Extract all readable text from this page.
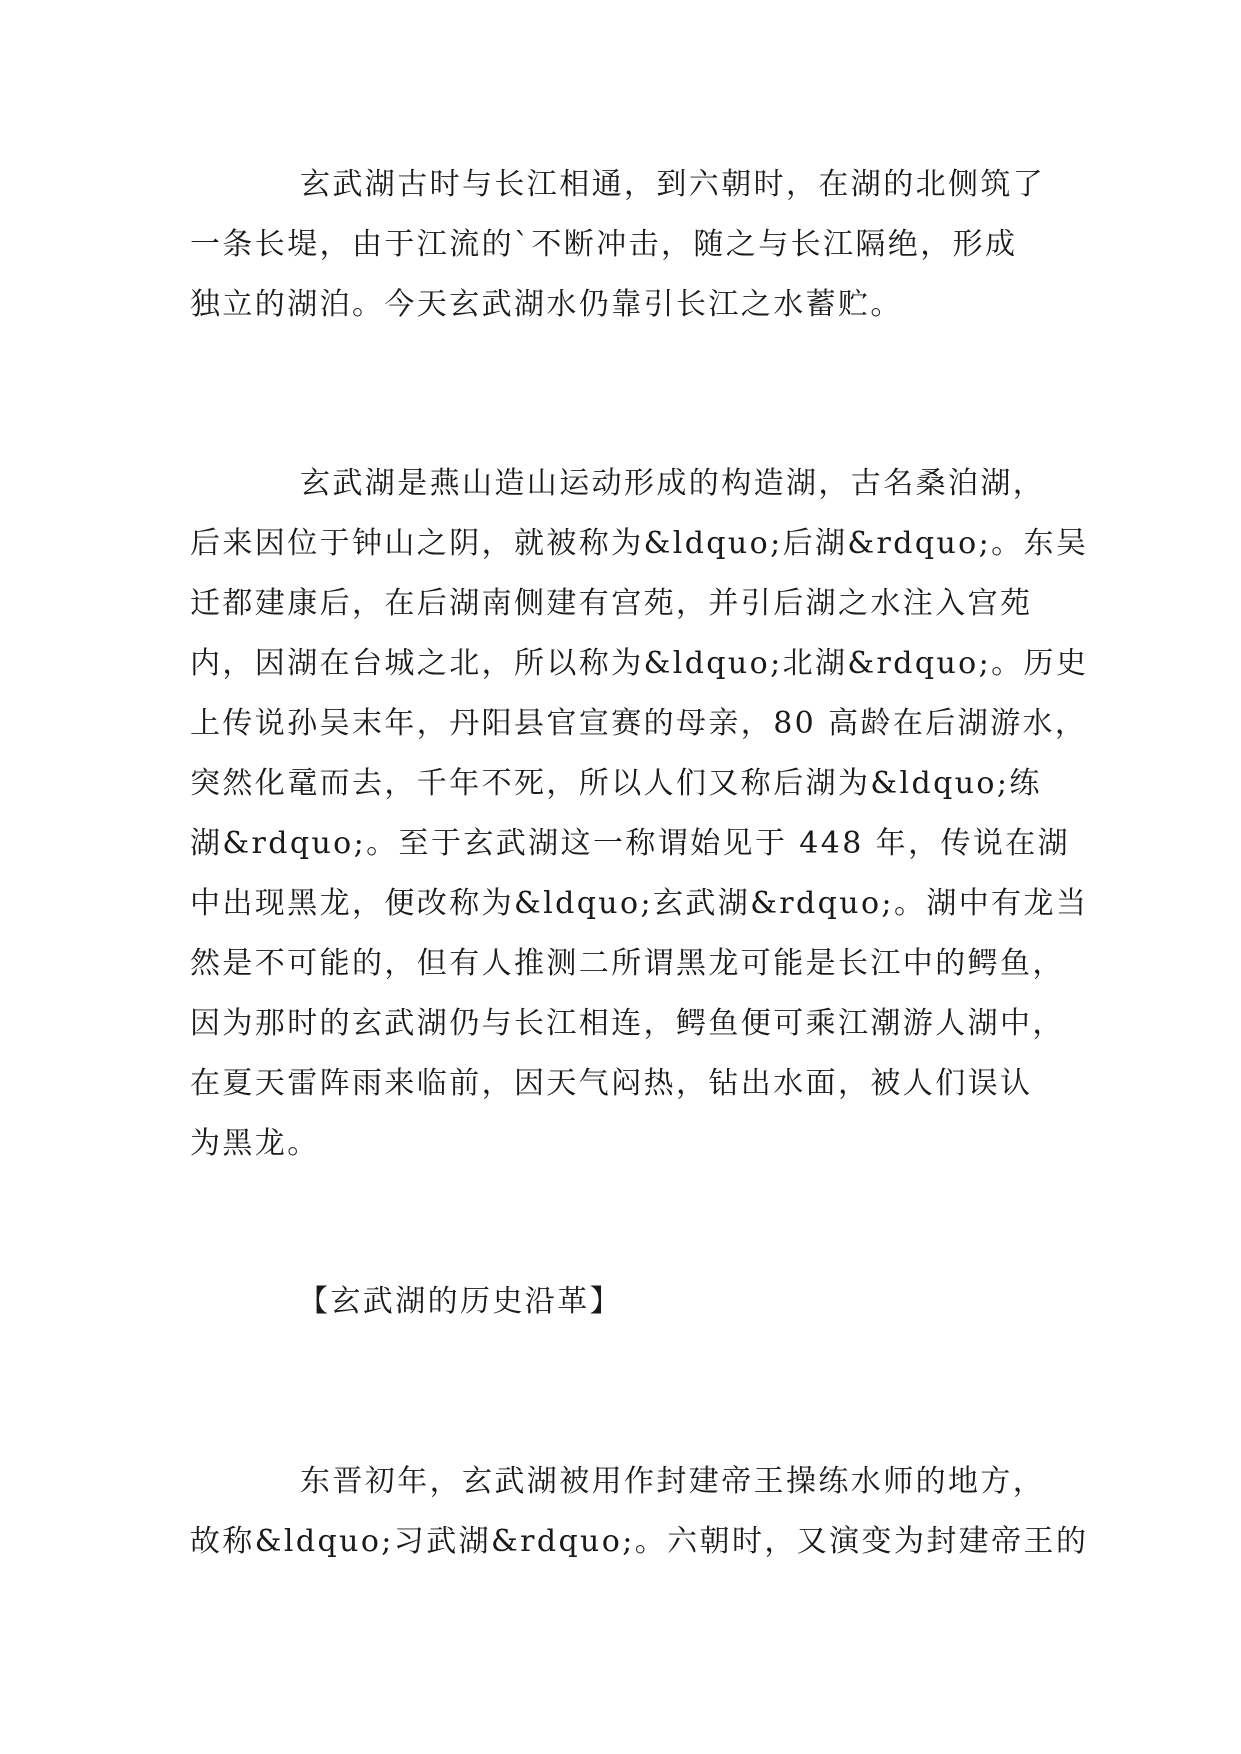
玄武湖古时与长江相通，到六朝时，在湖的北侧筑了
一条长堤，由于江流的`不断冲击，随之与长江隔绝，形成
独立的湖泊。今天玄武湖水仍靠引长江之水蓄贮。
玄武湖是燕山造山运动形成的构造湖，古名桑泊湖，
后来因位于钟山之阴，就被称为&ldquo;后湖&rdquo;。东吴
迁都建康后，在后湖南侧建有宫苑，并引后湖之水注入宫苑
内，因湖在台城之北，所以称为&ldquo;北湖&rdquo;。历史
上传说孙吴末年，丹阳县官宣赛的母亲，80 高龄在后湖游水，
突然化鼋而去，千年不死，所以人们又称后湖为&ldquo;练
湖&rdquo;。至于玄武湖这一称谓始见于 448 年，传说在湖
中出现黑龙，便改称为&ldquo;玄武湖&rdquo;。湖中有龙当
然是不可能的，但有人推测二所谓黑龙可能是长江中的鳄鱼，
因为那时的玄武湖仍与长江相连，鳄鱼便可乘江潮游人湖中，
在夏天雷阵雨来临前，因天气闷热，钻出水面，被人们误认
为黑龙。
【玄武湖的历史沿革】
东晋初年，玄武湖被用作封建帝王操练水师的地方，
故称&ldquo;习武湖&rdquo;。六朝时，又演变为封建帝王的
